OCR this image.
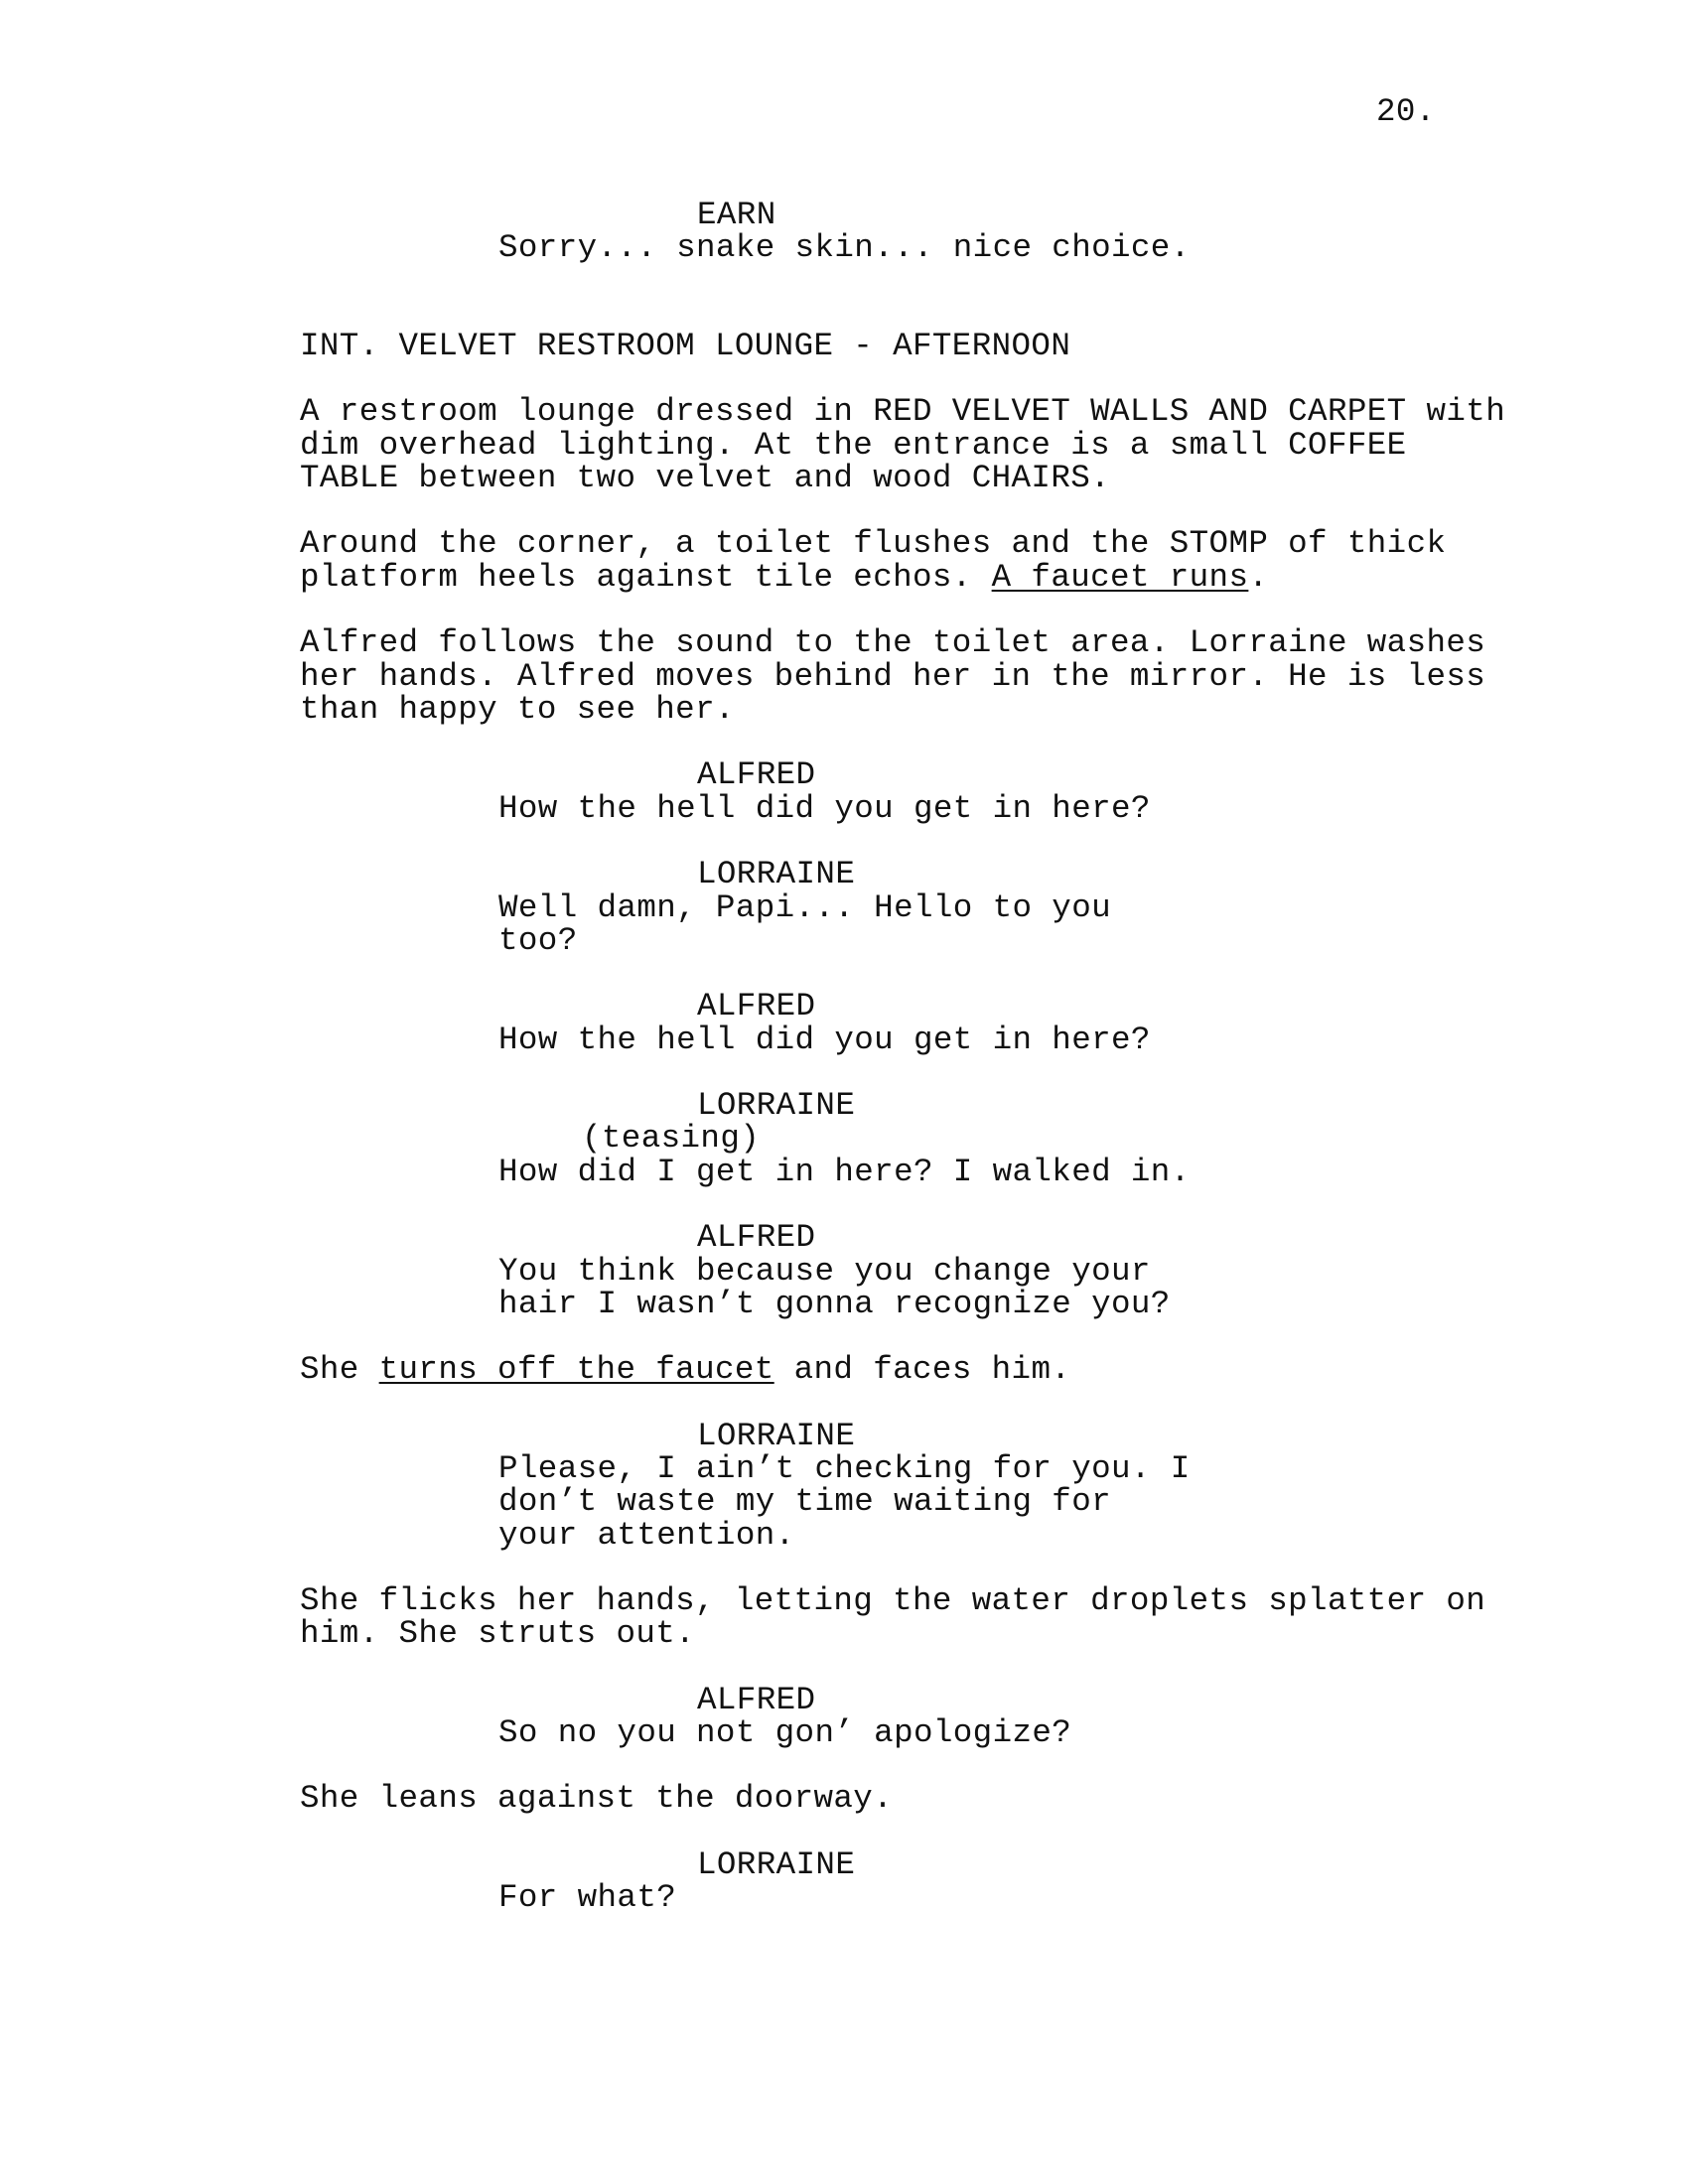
20.
EARN
Sorry... snake skin... nice choice.
INT. VELVET RESTROOM LOUNGE - AFTERNOON
A restroom lounge dressed in RED VELVET WALLS AND CARPET with
dim overhead lighting. At the entrance is a small COFFEE
TABLE between two velvet and wood CHAIRS.
Around the corner, a toilet flushes and the STOMP of thick
platform heels against tile echos. A faucet runs.
Alfred follows the sound to the toilet area. Lorraine washes
her hands. Alfred moves behind her in the mirror. He is less
than happy to see her.
ALFRED
How the hell did you get in here?
LORRAINE
Well damn, Papi... Hello to you
too?
ALFRED
How the hell did you get in here?
LORRAINE
(teasing)
How did I get in here? I walked in.
ALFRED
You think because you change your
hair I wasn’t gonna recognize you?
She turns off the faucet and faces him.
LORRAINE
Please, I ain’t checking for you. I
don’t waste my time waiting for
your attention.
She flicks her hands, letting the water droplets splatter on
him. She struts out.
ALFRED
So no you not gon’ apologize?
She leans against the doorway.
LORRAINE
For what?
